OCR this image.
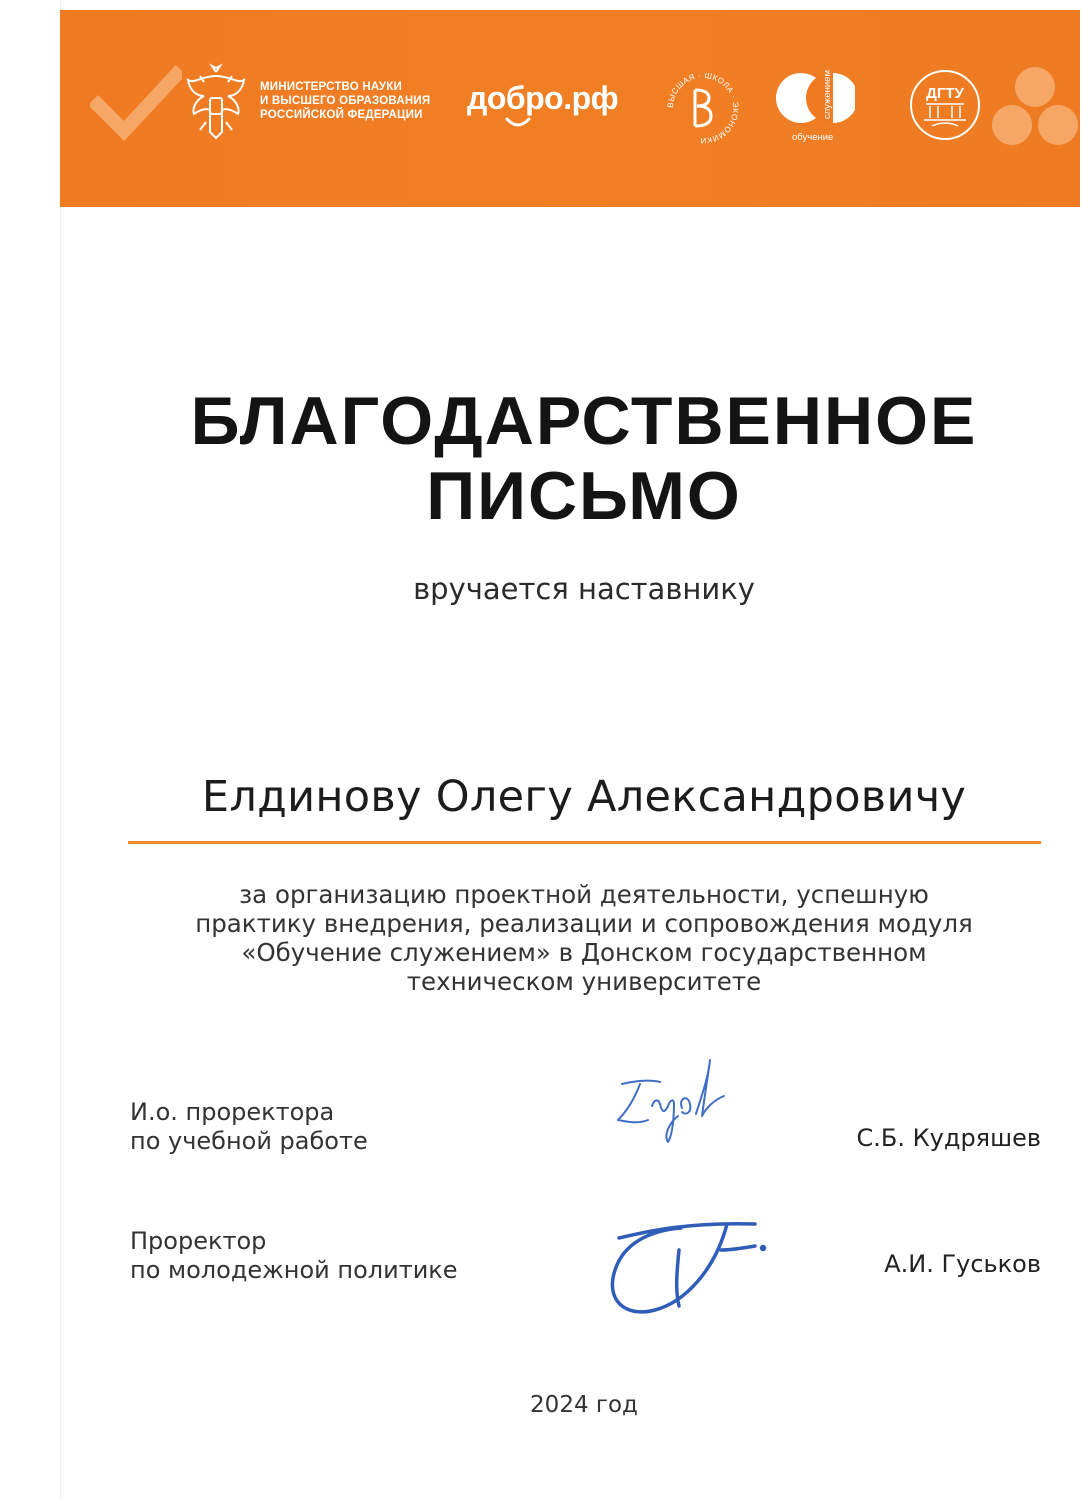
МИНИСТЕРСТВО НАУКИ
И ВЫСШЕГО ОБРАЗОВАНИЯ
РОССИЙСКОЙ ФЕДЕРАЦИИ	добро.рф	ВЫСШАЯ · ШКОЛА · ЭКОНОМИКИ	обучение
служением	ДГТУ
БЛАГОДАРСТВЕННОЕ
ПИСЬМО
вручается наставнику
Елдинову Олегу Александровичу
за организацию проектной деятельности, успешную
практику внедрения, реализации и сопровождения модуля
«Обучение служением» в Донском государственном
техническом университете
И.о. проректора
по учебной работе	С.Б. Кудряшев
Проректор
по молодежной политике	А.И. Гуськов
2024 год
